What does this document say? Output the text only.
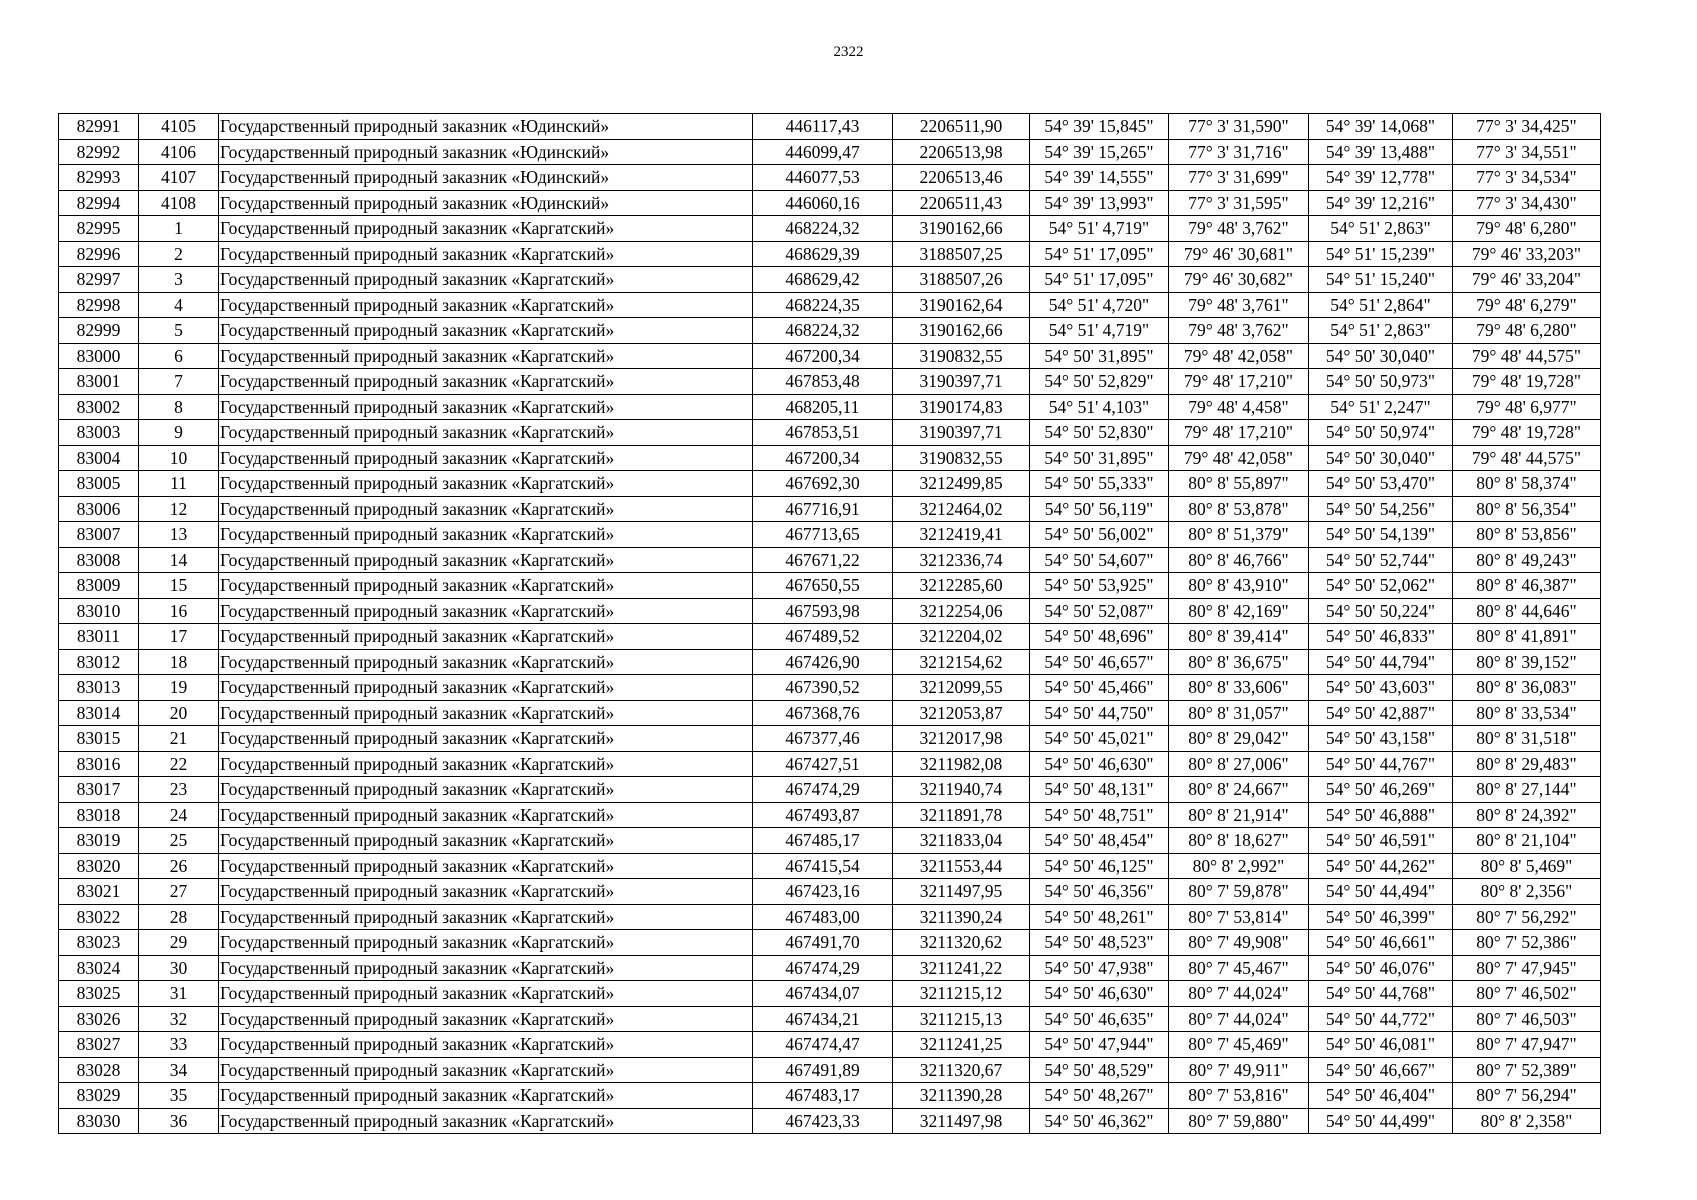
2322
82991	4105	Государственный природный заказник «Юдинский»	446117,43	2206511,90	54° 39' 15,845"	77° 3' 31,590"	54° 39' 14,068"	77° 3' 34,425"
82992	4106	Государственный природный заказник «Юдинский»	446099,47	2206513,98	54° 39' 15,265"	77° 3' 31,716"	54° 39' 13,488"	77° 3' 34,551"
82993	4107	Государственный природный заказник «Юдинский»	446077,53	2206513,46	54° 39' 14,555"	77° 3' 31,699"	54° 39' 12,778"	77° 3' 34,534"
82994	4108	Государственный природный заказник «Юдинский»	446060,16	2206511,43	54° 39' 13,993"	77° 3' 31,595"	54° 39' 12,216"	77° 3' 34,430"
82995	1	Государственный природный заказник «Каргатский»	468224,32	3190162,66	54° 51' 4,719"	79° 48' 3,762"	54° 51' 2,863"	79° 48' 6,280"
82996	2	Государственный природный заказник «Каргатский»	468629,39	3188507,25	54° 51' 17,095"	79° 46' 30,681"	54° 51' 15,239"	79° 46' 33,203"
82997	3	Государственный природный заказник «Каргатский»	468629,42	3188507,26	54° 51' 17,095"	79° 46' 30,682"	54° 51' 15,240"	79° 46' 33,204"
82998	4	Государственный природный заказник «Каргатский»	468224,35	3190162,64	54° 51' 4,720"	79° 48' 3,761"	54° 51' 2,864"	79° 48' 6,279"
82999	5	Государственный природный заказник «Каргатский»	468224,32	3190162,66	54° 51' 4,719"	79° 48' 3,762"	54° 51' 2,863"	79° 48' 6,280"
83000	6	Государственный природный заказник «Каргатский»	467200,34	3190832,55	54° 50' 31,895"	79° 48' 42,058"	54° 50' 30,040"	79° 48' 44,575"
83001	7	Государственный природный заказник «Каргатский»	467853,48	3190397,71	54° 50' 52,829"	79° 48' 17,210"	54° 50' 50,973"	79° 48' 19,728"
83002	8	Государственный природный заказник «Каргатский»	468205,11	3190174,83	54° 51' 4,103"	79° 48' 4,458"	54° 51' 2,247"	79° 48' 6,977"
83003	9	Государственный природный заказник «Каргатский»	467853,51	3190397,71	54° 50' 52,830"	79° 48' 17,210"	54° 50' 50,974"	79° 48' 19,728"
83004	10	Государственный природный заказник «Каргатский»	467200,34	3190832,55	54° 50' 31,895"	79° 48' 42,058"	54° 50' 30,040"	79° 48' 44,575"
83005	11	Государственный природный заказник «Каргатский»	467692,30	3212499,85	54° 50' 55,333"	80° 8' 55,897"	54° 50' 53,470"	80° 8' 58,374"
83006	12	Государственный природный заказник «Каргатский»	467716,91	3212464,02	54° 50' 56,119"	80° 8' 53,878"	54° 50' 54,256"	80° 8' 56,354"
83007	13	Государственный природный заказник «Каргатский»	467713,65	3212419,41	54° 50' 56,002"	80° 8' 51,379"	54° 50' 54,139"	80° 8' 53,856"
83008	14	Государственный природный заказник «Каргатский»	467671,22	3212336,74	54° 50' 54,607"	80° 8' 46,766"	54° 50' 52,744"	80° 8' 49,243"
83009	15	Государственный природный заказник «Каргатский»	467650,55	3212285,60	54° 50' 53,925"	80° 8' 43,910"	54° 50' 52,062"	80° 8' 46,387"
83010	16	Государственный природный заказник «Каргатский»	467593,98	3212254,06	54° 50' 52,087"	80° 8' 42,169"	54° 50' 50,224"	80° 8' 44,646"
83011	17	Государственный природный заказник «Каргатский»	467489,52	3212204,02	54° 50' 48,696"	80° 8' 39,414"	54° 50' 46,833"	80° 8' 41,891"
83012	18	Государственный природный заказник «Каргатский»	467426,90	3212154,62	54° 50' 46,657"	80° 8' 36,675"	54° 50' 44,794"	80° 8' 39,152"
83013	19	Государственный природный заказник «Каргатский»	467390,52	3212099,55	54° 50' 45,466"	80° 8' 33,606"	54° 50' 43,603"	80° 8' 36,083"
83014	20	Государственный природный заказник «Каргатский»	467368,76	3212053,87	54° 50' 44,750"	80° 8' 31,057"	54° 50' 42,887"	80° 8' 33,534"
83015	21	Государственный природный заказник «Каргатский»	467377,46	3212017,98	54° 50' 45,021"	80° 8' 29,042"	54° 50' 43,158"	80° 8' 31,518"
83016	22	Государственный природный заказник «Каргатский»	467427,51	3211982,08	54° 50' 46,630"	80° 8' 27,006"	54° 50' 44,767"	80° 8' 29,483"
83017	23	Государственный природный заказник «Каргатский»	467474,29	3211940,74	54° 50' 48,131"	80° 8' 24,667"	54° 50' 46,269"	80° 8' 27,144"
83018	24	Государственный природный заказник «Каргатский»	467493,87	3211891,78	54° 50' 48,751"	80° 8' 21,914"	54° 50' 46,888"	80° 8' 24,392"
83019	25	Государственный природный заказник «Каргатский»	467485,17	3211833,04	54° 50' 48,454"	80° 8' 18,627"	54° 50' 46,591"	80° 8' 21,104"
83020	26	Государственный природный заказник «Каргатский»	467415,54	3211553,44	54° 50' 46,125"	80° 8' 2,992"	54° 50' 44,262"	80° 8' 5,469"
83021	27	Государственный природный заказник «Каргатский»	467423,16	3211497,95	54° 50' 46,356"	80° 7' 59,878"	54° 50' 44,494"	80° 8' 2,356"
83022	28	Государственный природный заказник «Каргатский»	467483,00	3211390,24	54° 50' 48,261"	80° 7' 53,814"	54° 50' 46,399"	80° 7' 56,292"
83023	29	Государственный природный заказник «Каргатский»	467491,70	3211320,62	54° 50' 48,523"	80° 7' 49,908"	54° 50' 46,661"	80° 7' 52,386"
83024	30	Государственный природный заказник «Каргатский»	467474,29	3211241,22	54° 50' 47,938"	80° 7' 45,467"	54° 50' 46,076"	80° 7' 47,945"
83025	31	Государственный природный заказник «Каргатский»	467434,07	3211215,12	54° 50' 46,630"	80° 7' 44,024"	54° 50' 44,768"	80° 7' 46,502"
83026	32	Государственный природный заказник «Каргатский»	467434,21	3211215,13	54° 50' 46,635"	80° 7' 44,024"	54° 50' 44,772"	80° 7' 46,503"
83027	33	Государственный природный заказник «Каргатский»	467474,47	3211241,25	54° 50' 47,944"	80° 7' 45,469"	54° 50' 46,081"	80° 7' 47,947"
83028	34	Государственный природный заказник «Каргатский»	467491,89	3211320,67	54° 50' 48,529"	80° 7' 49,911"	54° 50' 46,667"	80° 7' 52,389"
83029	35	Государственный природный заказник «Каргатский»	467483,17	3211390,28	54° 50' 48,267"	80° 7' 53,816"	54° 50' 46,404"	80° 7' 56,294"
83030	36	Государственный природный заказник «Каргатский»	467423,33	3211497,98	54° 50' 46,362"	80° 7' 59,880"	54° 50' 44,499"	80° 8' 2,358"
